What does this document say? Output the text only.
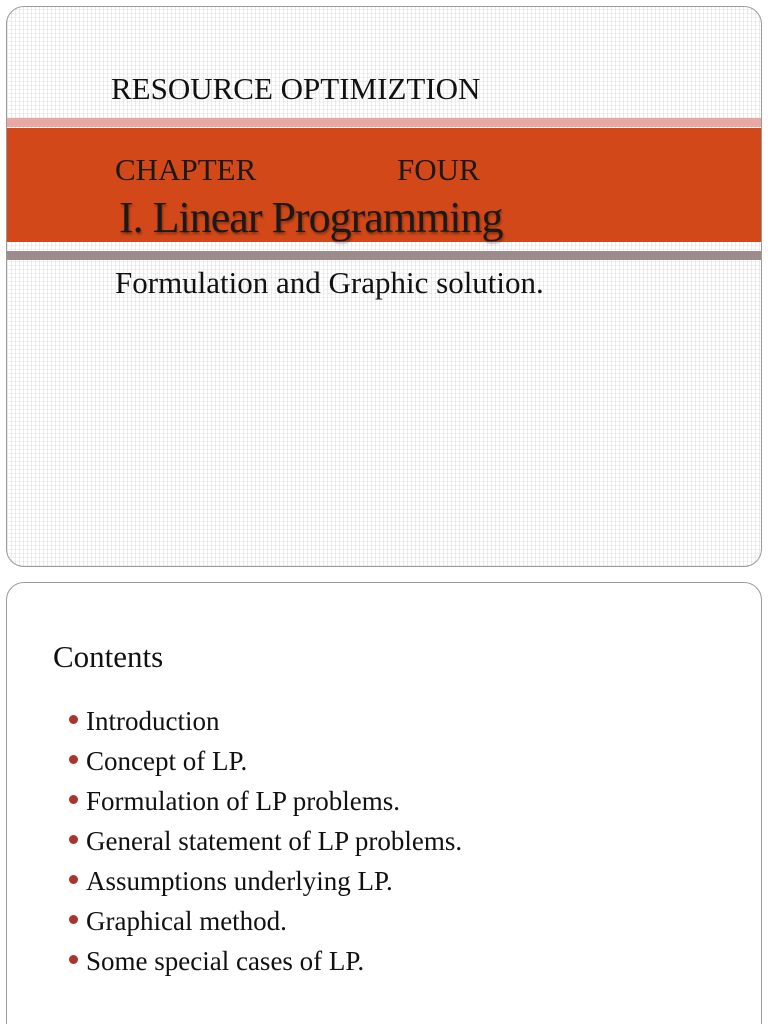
RESOURCE OPTIMIZTION
CHAPTER	FOUR
I. Linear Programming
Formulation and Graphic solution.
Contents
Introduction
Concept of LP.
Formulation of LP problems.
General statement of LP problems.
Assumptions underlying LP.
Graphical method.
Some special cases of LP.
